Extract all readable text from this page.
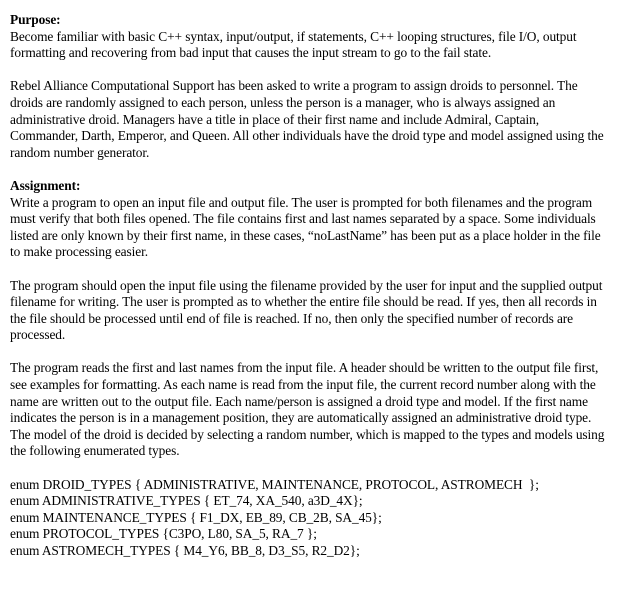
Purpose:

Become familiar with basic C++ syntax, input/output, if statements, C++ looping structures, file I/O, output formatting and recovering from bad input that causes the input stream to go to the fail state.

Rebel Alliance Computational Support has been asked to write a program to assign droids to personnel. The droids are randomly assigned to each person, unless the person is a manager, who is always assigned an administrative droid. Managers have a title in place of their first name and include Admiral, Captain, Commander, Darth, Emperor, and Queen. All other individuals have the droid type and model assigned using the random number generator.

Assignment:

Write a program to open an input file and output file. The user is prompted for both filenames and the program must verify that both files opened. The file contains first and last names separated by a space. Some individuals listed are only known by their first name, in these cases, “noLastName” has been put as a place holder in the file to make processing easier.

The program should open the input file using the filename provided by the user for input and the supplied output filename for writing. The user is prompted as to whether the entire file should be read. If yes, then all records in the file should be processed until end of file is reached. If no, then only the specified number of records are processed.

The program reads the first and last names from the input file. A header should be written to the output file first, see examples for formatting. As each name is read from the input file, the current record number along with the name are written out to the output file. Each name/person is assigned a droid type and model. If the first name indicates the person is in a management position, they are automatically assigned an administrative droid type. The model of the droid is decided by selecting a random number, which is mapped to the types and models using the following enumerated types.

enum DROID_TYPES { ADMINISTRATIVE, MAINTENANCE, PROTOCOL, ASTROMECH  };

enum ADMINISTRATIVE_TYPES { ET_74, XA_540, a3D_4X};

enum MAINTENANCE_TYPES { F1_DX, EB_89, CB_2B, SA_45};

enum PROTOCOL_TYPES {C3PO, L80, SA_5, RA_7 };

enum ASTROMECH_TYPES { M4_Y6, BB_8, D3_S5, R2_D2};
